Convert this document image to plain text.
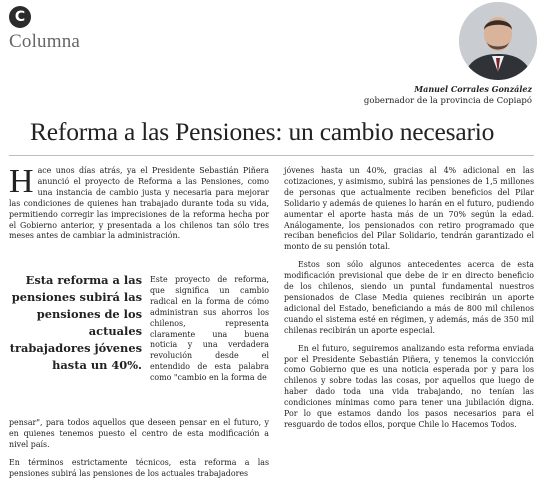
C
Columna
Manuel Corrales González
gobernador de la provincia de Copiapó
Reforma a las Pensiones: un cambio necesario
H ace unos días atrás, ya el Presidente Sebastián Piñera anunció el proyecto de Reforma a las Pensiones, como una instancia de cambio justa y necesaria para mejorar las condiciones de quienes han trabajado durante toda su vida, permitiendo corregir las imprecisiones de la reforma hecha por el Gobierno anterior, y presentada a los chilenos tan sólo tres meses antes de cambiar la administración.

Esta reforma a las pensiones subirá las pensiones de los actuales trabajadores jóvenes hasta un 40%.

Este proyecto de reforma, que significa un cambio radical en la forma de cómo administran sus ahorros los chilenos, representa claramente una buena noticia y una verdadera revolución desde el entendido de esta palabra como "cambio en la forma de

pensar", para todos aquellos que deseen pensar en el futuro, y en quienes tenemos puesto el centro de esta modificación a nivel país.

En términos estrictamente técnicos, esta reforma a las pensiones subirá las pensiones de los actuales trabajadores

jóvenes hasta un 40%, gracias al 4% adicional en las cotizaciones, y asimismo, subirá las pensiones de 1,5 millones de personas que actualmente reciben beneficios del Pilar Solidario y además de quienes lo harán en el futuro, pudiendo aumentar el aporte hasta más de un 70% según la edad. Análogamente, los pensionados con retiro programado que reciban beneficios del Pilar Solidario, tendrán garantizado el monto de su pensión total.

Estos son sólo algunos antecedentes acerca de esta modificación previsional que debe de ir en directo beneficio de los chilenos, siendo un puntal fundamental nuestros pensionados de Clase Media quienes recibirán un aporte adicional del Estado, beneficiando a más de 800 mil chilenos cuando el sistema esté en régimen, y además, más de 350 mil chilenas recibirán un aporte especial.

En el futuro, seguiremos analizando esta reforma enviada por el Presidente Sebastián Piñera, y tenemos la convicción como Gobierno que es una noticia esperada por y para los chilenos y sobre todas las cosas, por aquellos que luego de haber dado toda una vida trabajando, no tenían las condiciones mínimas como para tener una jubilación digna. Por lo que estamos dando los pasos necesarios para el resguardo de todos ellos, porque Chile lo Hacemos Todos.
